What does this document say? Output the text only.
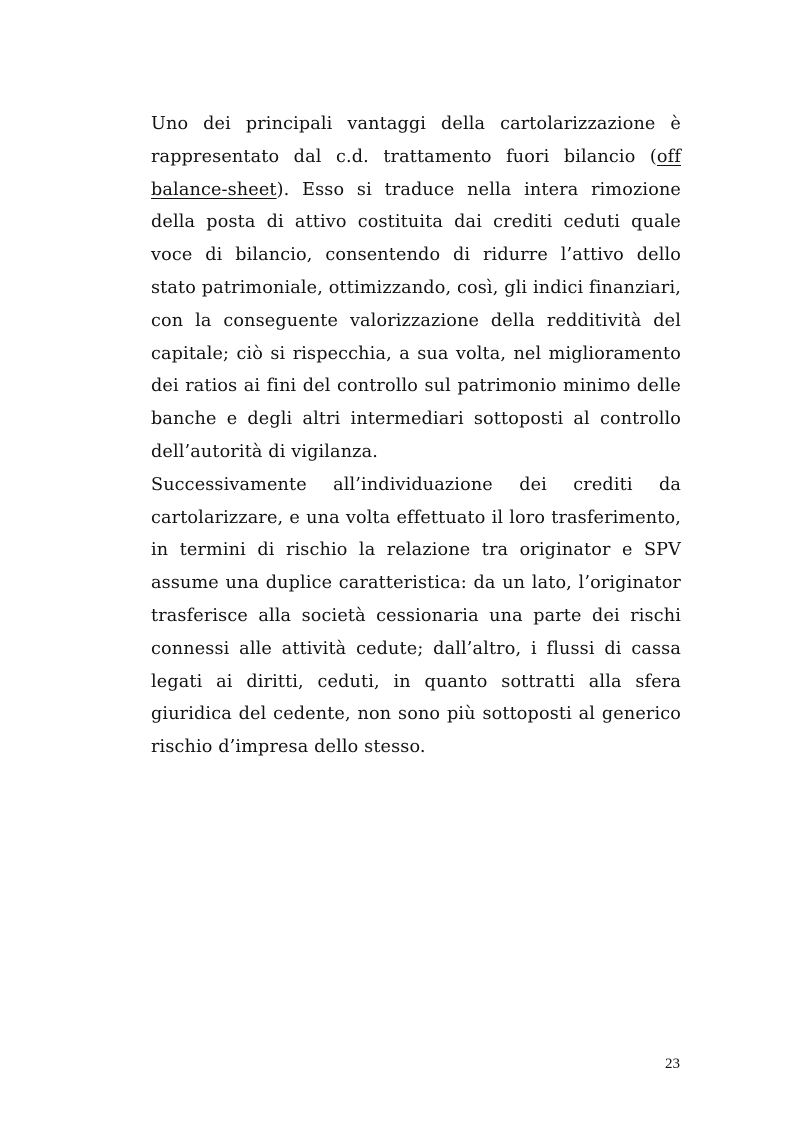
Uno dei principali vantaggi della cartolarizzazione è rappresentato dal c.d. trattamento fuori bilancio (off balance-sheet). Esso si traduce nella intera rimozione della posta di attivo costituita dai crediti ceduti quale voce di bilancio, consentendo di ridurre l’attivo dello stato patrimoniale, ottimizzando, così, gli indici finanziari, con la conseguente valorizzazione della redditività del capitale; ciò si rispecchia, a sua volta, nel miglioramento dei ratios ai fini del controllo sul patrimonio minimo delle banche e degli altri intermediari sottoposti al controllo dell’autorità di vigilanza.

Successivamente all’individuazione dei crediti da cartolarizzare, e una volta effettuato il loro trasferimento, in termini di rischio la relazione tra originator e SPV assume una duplice caratteristica: da un lato, l’originator trasferisce alla società cessionaria una parte dei rischi connessi alle attività cedute; dall’altro, i flussi di cassa legati ai diritti, ceduti, in quanto sottratti alla sfera giuridica del cedente, non sono più sottoposti al generico rischio d’impresa dello stesso.

23
